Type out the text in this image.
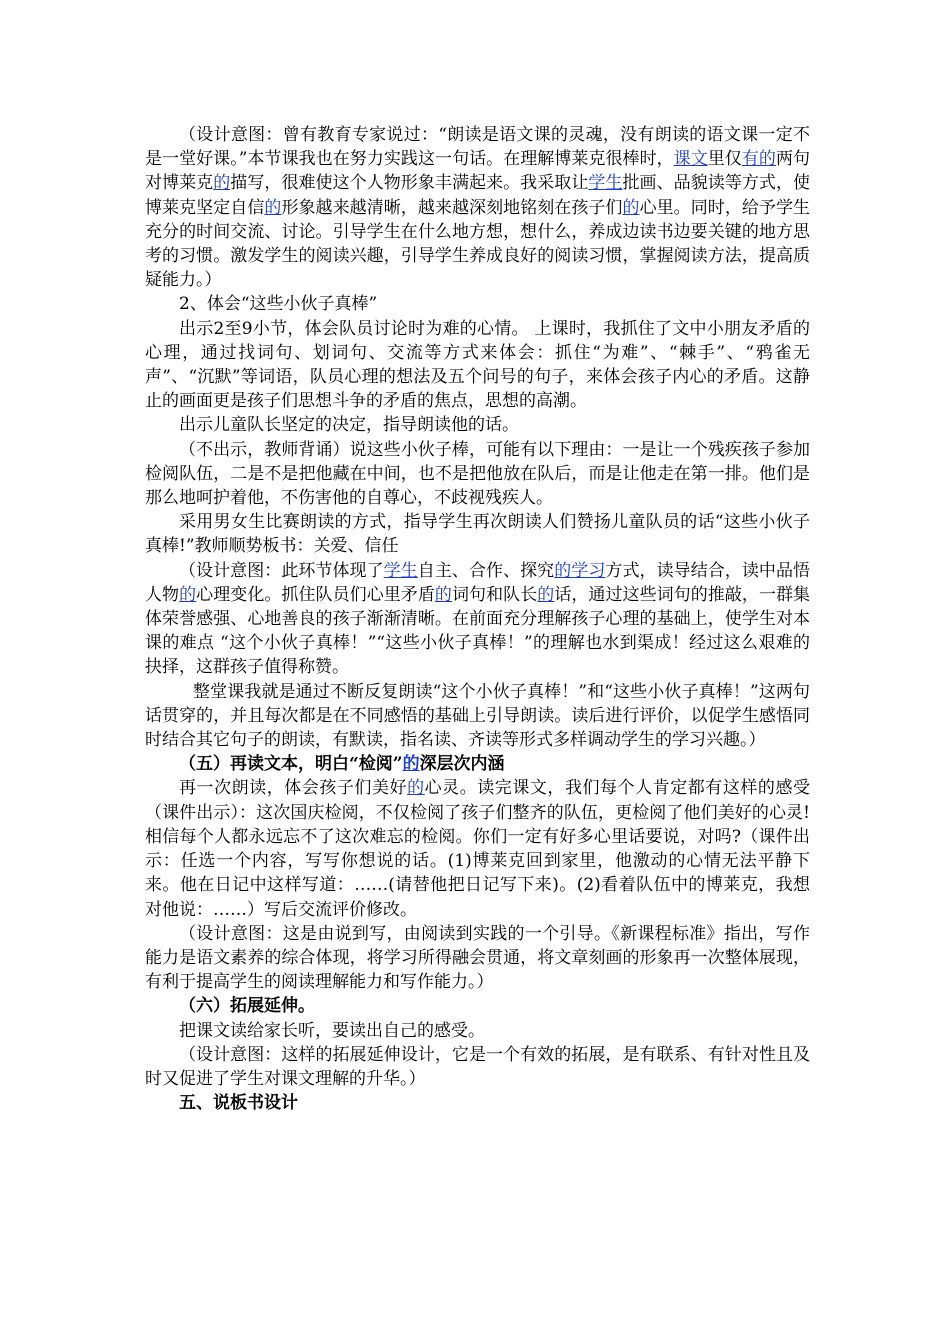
（设计意图：曾有教育专家说过：“朗读是语文课的灵魂，没有朗读的语文课一定不是一堂好课。”本节课我也在努力实践这一句话。在理解博莱克很棒时，课文里仅有的两句对博莱克的描写，很难使这个人物形象丰满起来。我采取让学生批画、品貌读等方式，使博莱克坚定自信的形象越来越清晰，越来越深刻地铭刻在孩子们的心里。同时，给予学生充分的时间交流、讨论。引导学生在什么地方想，想什么，养成边读书边要关键的地方思考的习惯。激发学生的阅读兴趣，引导学生养成良好的阅读习惯，掌握阅读方法，提高质疑能力。）

2、体会“这些小伙子真棒”

出示2至9小节，体会队员讨论时为难的心情。 上课时，我抓住了文中小朋友矛盾的心理，通过找词句、划词句、交流等方式来体会：抓住“为难”、“棘手”、“鸦雀无声”、“沉默”等词语，队员心理的想法及五个问号的句子，来体会孩子内心的矛盾。这静止的画面更是孩子们思想斗争的矛盾的焦点，思想的高潮。

出示儿童队长坚定的决定，指导朗读他的话。

（不出示，教师背诵）说这些小伙子棒，可能有以下理由：一是让一个残疾孩子参加检阅队伍，二是不是把他藏在中间，也不是把他放在队后，而是让他走在第一排。他们是那么地呵护着他，不伤害他的自尊心，不歧视残疾人。

采用男女生比赛朗读的方式，指导学生再次朗读人们赞扬儿童队员的话“这些小伙子真棒!”教师顺势板书：关爱、信任

（设计意图：此环节体现了学生自主、合作、探究的学习方式，读导结合，读中品悟人物的心理变化。抓住队员们心里矛盾的词句和队长的话，通过这些词句的推敲，一群集体荣誉感强、心地善良的孩子渐渐清晰。在前面充分理解孩子心理的基础上，使学生对本课的难点 “这个小伙子真棒！”“这些小伙子真棒！”的理解也水到渠成！经过这么艰难的抉择，这群孩子值得称赞。

整堂课我就是通过不断反复朗读“这个小伙子真棒！”和“这些小伙子真棒！”这两句话贯穿的，并且每次都是在不同感悟的基础上引导朗读。读后进行评价，以促学生感悟同时结合其它句子的朗读，有默读，指名读、齐读等形式多样调动学生的学习兴趣。）

（五）再读文本，明白“检阅”的深层次内涵

再一次朗读，体会孩子们美好的心灵。读完课文，我们每个人肯定都有这样的感受（课件出示）：这次国庆检阅，不仅检阅了孩子们整齐的队伍，更检阅了他们美好的心灵!相信每个人都永远忘不了这次难忘的检阅。你们一定有好多心里话要说，对吗?（课件出示：任选一个内容，写写你想说的话。(1)博莱克回到家里，他激动的心情无法平静下来。他在日记中这样写道：……(请替他把日记写下来)。(2)看着队伍中的博莱克，我想对他说：……）写后交流评价修改。

（设计意图：这是由说到写，由阅读到实践的一个引导。《新课程标准》指出，写作能力是语文素养的综合体现，将学习所得融会贯通，将文章刻画的形象再一次整体展现，有利于提高学生的阅读理解能力和写作能力。）

（六）拓展延伸。

把课文读给家长听，要读出自己的感受。

（设计意图：这样的拓展延伸设计，它是一个有效的拓展，是有联系、有针对性且及时又促进了学生对课文理解的升华。）

五、说板书设计
